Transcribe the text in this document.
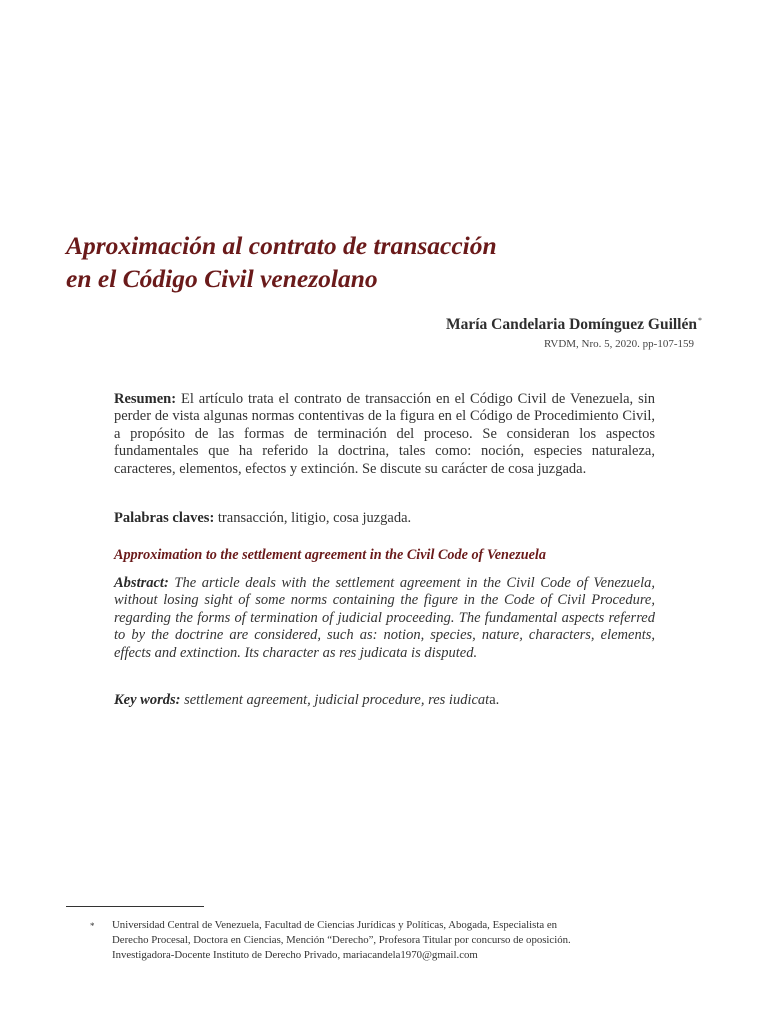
Aproximación al contrato de transacción
en el Código Civil venezolano
María Candelaria Domínguez Guillén*
RVDM, Nro. 5, 2020. pp-107-159
Resumen: El artículo trata el contrato de transacción en el Código Civil de Venezuela, sin perder de vista algunas normas contentivas de la figura en el Código de Procedimiento Civil, a propósito de las formas de terminación del proceso. Se consideran los aspectos fundamentales que ha referido la doctrina, tales como: noción, especies naturaleza, caracteres, elementos, efectos y extinción. Se discute su carácter de cosa juzgada.
Palabras claves: transacción, litigio, cosa juzgada.
Approximation to the settlement agreement in the Civil Code of Venezuela
Abstract: The article deals with the settlement agreement in the Civil Code of Venezuela, without losing sight of some norms containing the figure in the Code of Civil Procedure, regarding the forms of termination of judicial proceeding. The fundamental aspects referred to by the doctrine are considered, such as: notion, species, nature, characters, elements, effects and extinction. Its character as res judicata is disputed.
Key words: settlement agreement, judicial procedure, res iudicata.
* Universidad Central de Venezuela, Facultad de Ciencias Jurídicas y Políticas, Abogada, Especialista en
Derecho Procesal, Doctora en Ciencias, Mención “Derecho”, Profesora Titular por concurso de oposición.
Investigadora-Docente Instituto de Derecho Privado, mariacandela1970@gmail.com
